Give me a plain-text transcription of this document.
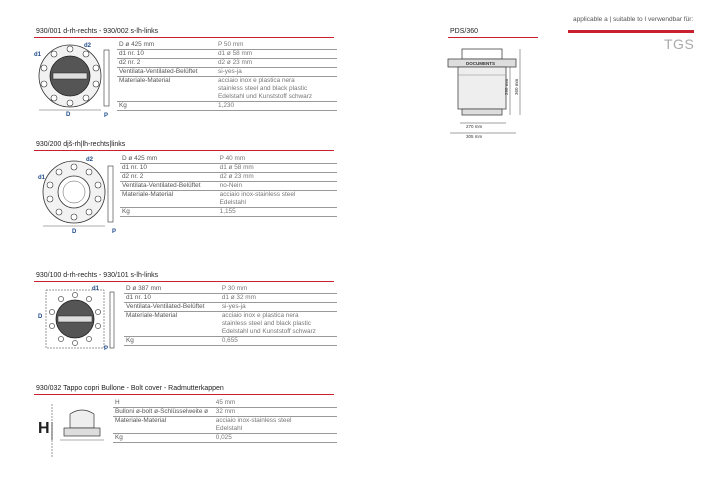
applicable a | suitable to I verwendbar für:
TGS
PDS/360
DOCUMENTS
270 mm
305 mm
298 mm 360 mm
930/001 d-rh-rechts - 930/002 s-lh-links
d1
d2
D	P
D ø 425 mm	P 50 mm
d1 nr. 10	d1 ø 58 mm
d2 nr. 2	d2 ø 23 mm
Ventilata-Ventilated-Belüftet	si-yes-ja
Materiale-Material	acciaio inox e plastica nera
stainless steel and black plastic
Edelstahl und Kunststoff schwarz
Kg	1,230
930/200 djš-rh|lh-rechts|links
d1
d2
D	P
D ø 425 mm	P 40 mm
d1 nr. 10	d1 ø 58 mm
d2 nr. 2	d2 ø 23 mm
Ventilata-Ventilated-Belüftet	no-Nein
Materiale-Material	acciaio inox-stainless steel
Edelstahl
Kg	1,155
930/100 d-rh-rechts - 930/101 s-lh-links
d1
D
P
D ø 387 mm	P 30 mm
d1 nr. 10	d1 ø 32 mm
Ventilata-Ventilated-Belüftet	si-yes-ja
Materiale-Material	acciaio inox e plastica nera
stainless steel and black plastic
Edelstahl und Kunststoff schwarz
Kg	0,655
930/032 Tappo copri Bullone - Bolt cover - Radmutterkappen
H
H	45 mm
Bulloni ø-bolt ø-Schlüsselweite ø	32 mm
Materiale-Material	acciaio inox-stainless steel
Edelstahl
Kg	0,025
